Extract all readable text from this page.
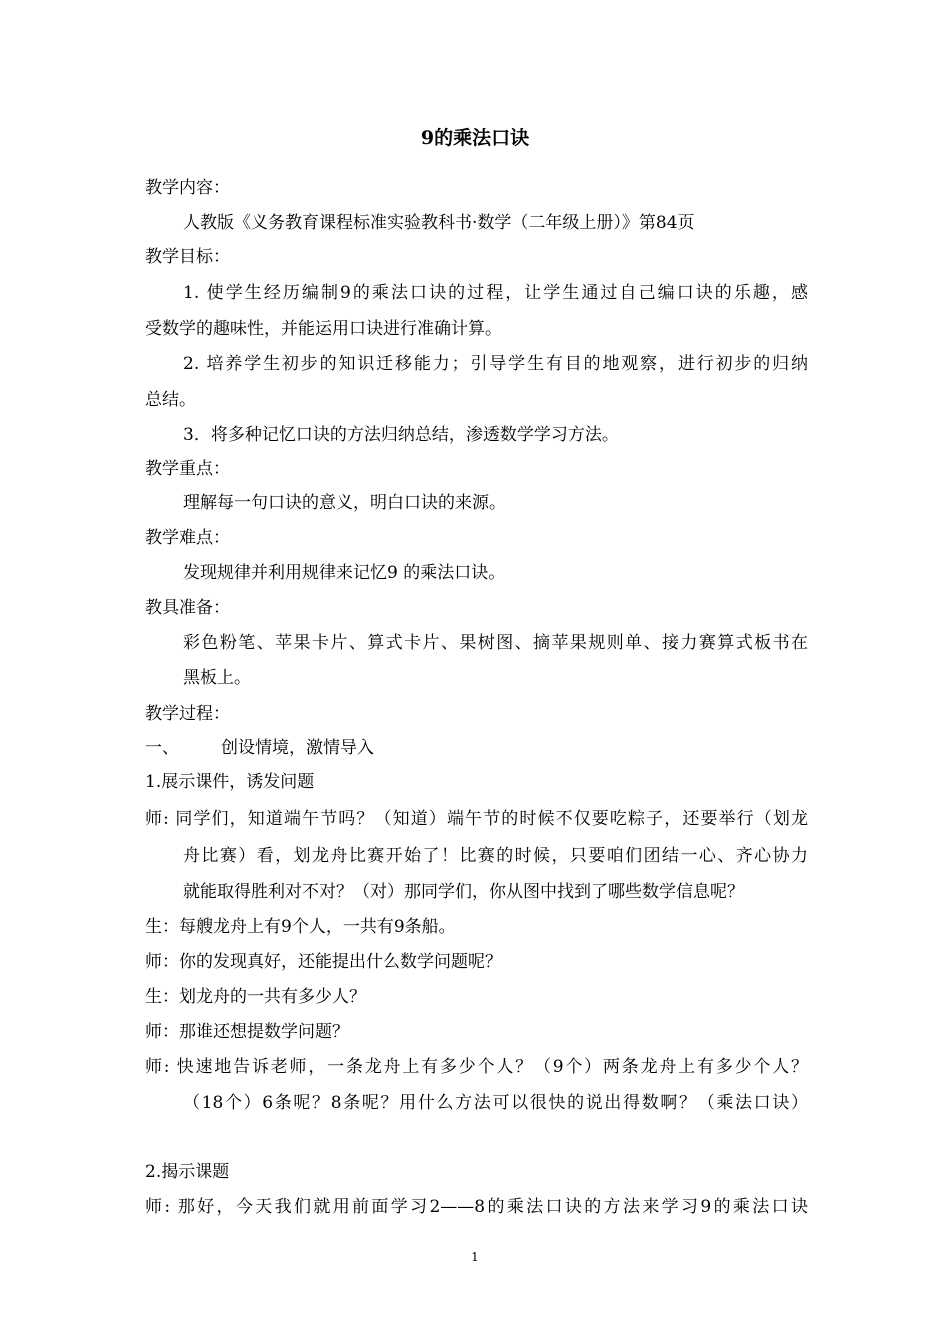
9的乘法口诀
教学内容：
人教版《义务教育课程标准实验教科书·数学（二年级上册）》第84页
教学目标：
1. 使学生经历编制9的乘法口诀的过程，让学生通过自己编口诀的乐趣，感
受数学的趣味性，并能运用口诀进行准确计算。
2. 培养学生初步的知识迁移能力；引导学生有目的地观察，进行初步的归纳
总结。
3．将多种记忆口诀的方法归纳总结，渗透数学学习方法。
教学重点：
理解每一句口诀的意义，明白口诀的来源。
教学难点：
发现规律并利用规律来记忆9 的乘法口诀。
教具准备：
彩色粉笔、苹果卡片、算式卡片、果树图、摘苹果规则单、接力赛算式板书在
黑板上。
教学过程：
一、 创设情境，激情导入
1.展示课件，诱发问题
师: 同学们，知道端午节吗？（知道）端午节的时候不仅要吃粽子，还要举行（划龙
舟比赛）看，划龙舟比赛开始了！比赛的时候，只要咱们团结一心、齐心协力
就能取得胜利对不对？（对）那同学们，你从图中找到了哪些数学信息呢？
生：每艘龙舟上有9个人，一共有9条船。
师：你的发现真好，还能提出什么数学问题呢？
生：划龙舟的一共有多少人？
师：那谁还想提数学问题？
师: 快速地告诉老师，一条龙舟上有多少个人？（9个）两条龙舟上有多少个人？
（18个）6条呢？8条呢？用什么方法可以很快的说出得数啊？（乘法口诀）
2.揭示课题
师: 那好，今天我们就用前面学习2——8的乘法口诀的方法来学习9的乘法口诀
1
